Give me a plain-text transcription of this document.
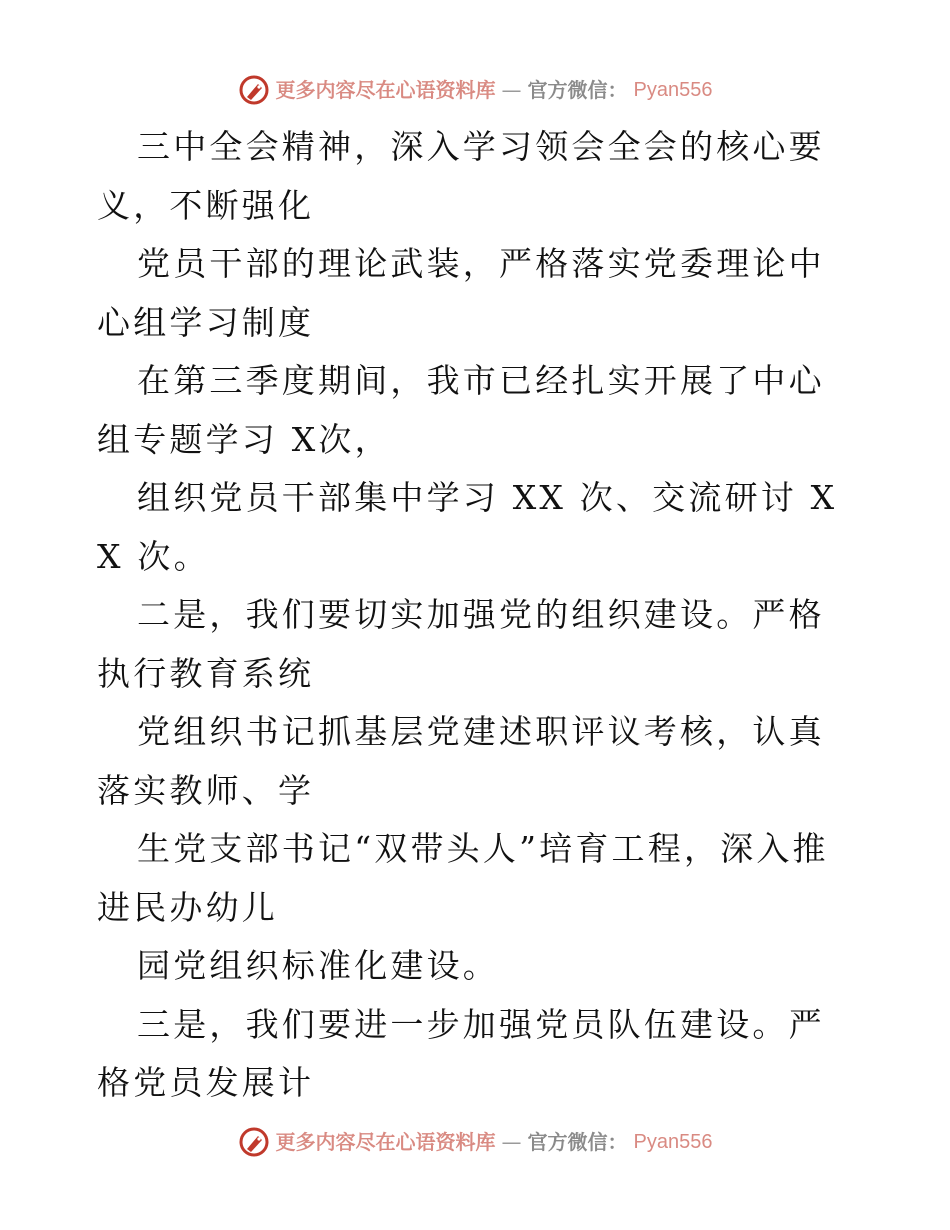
更多内容尽在心语资料库 — 官方微信： Pyan556

三中全会精神，深入学习领会全会的核心要义，不断强化

党员干部的理论武装，严格落实党委理论中心组学习制度

在第三季度期间，我市已经扎实开展了中心组专题学习 X次，

组织党员干部集中学习 XX 次、交流研讨 XX 次。

二是，我们要切实加强党的组织建设。严格执行教育系统

党组织书记抓基层党建述职评议考核，认真落实教师、学

生党支部书记“双带头人”培育工程，深入推进民办幼儿

园党组织标准化建设。

三是，我们要进一步加强党员队伍建设。严格党员发展计

更多内容尽在心语资料库 — 官方微信： Pyan556
